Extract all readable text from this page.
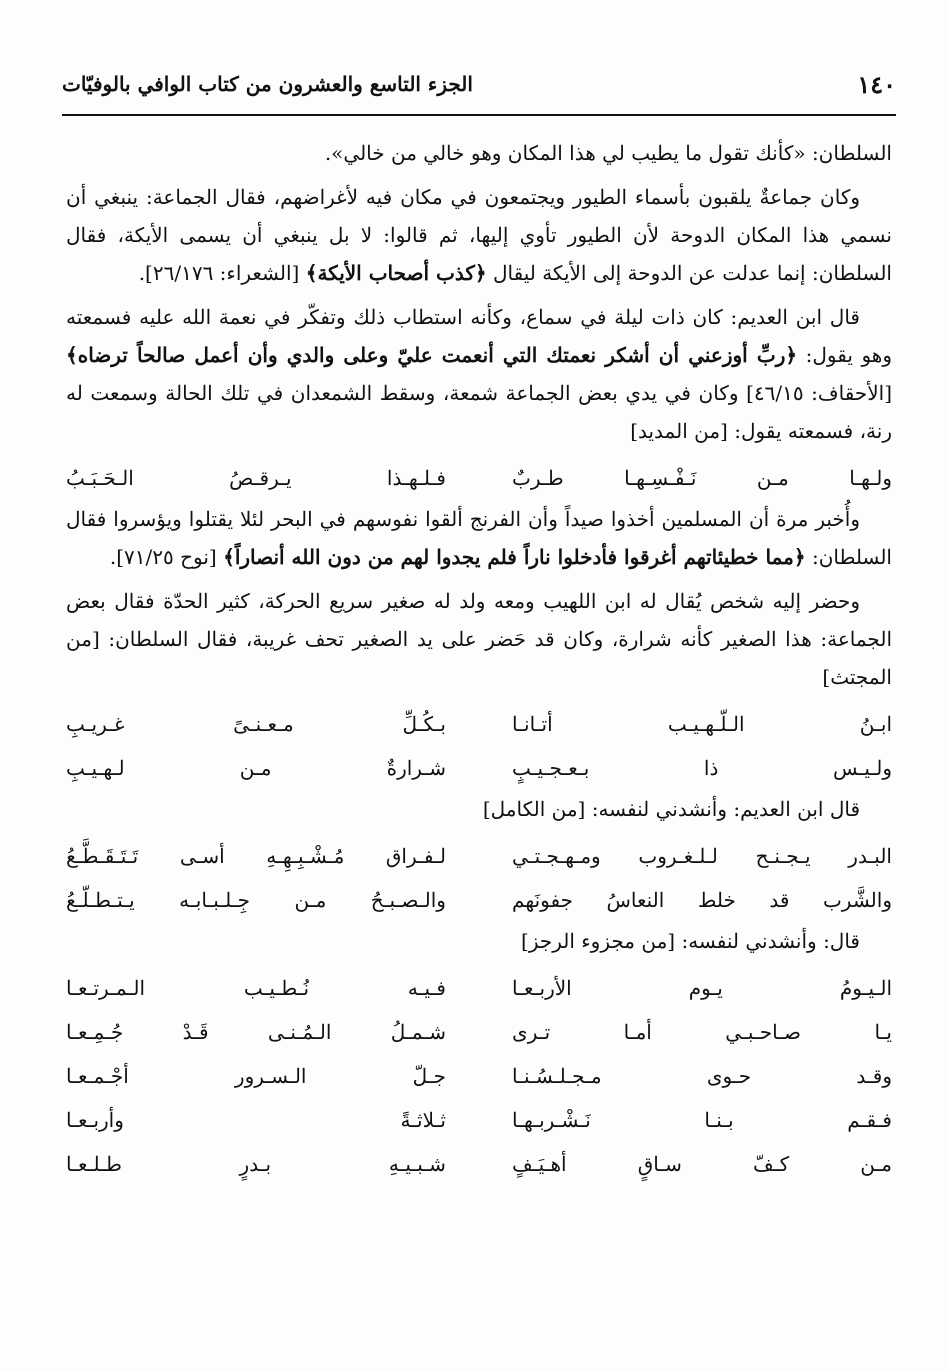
١٤٠
الجزء التاسع والعشرون من كتاب الوافي بالوفيّات

السلطان: «كأنك تقول ما يطيب لي هذا المكان وهو خالي من خالي».

وكان جماعةٌ يلقبون بأسماء الطيور ويجتمعون في مكان فيه لأغراضهم، فقال الجماعة: ينبغي أن نسمي هذا المكان الدوحة لأن الطيور تأوي إليها، ثم قالوا: لا بل ينبغي أن يسمى الأيكة، فقال السلطان: إنما عدلت عن الدوحة إلى الأيكة ليقال ﴿كذب أصحاب الأيكة﴾ [الشعراء: ٢٦/١٧٦].

قال ابن العديم: كان ذات ليلة في سماع، وكأنه استطاب ذلك وتفكّر في نعمة الله عليه فسمعته وهو يقول: ﴿ربِّ أوزعني أن أشكر نعمتك التي أنعمت عليّ وعلى والدي وأن أعمل صالحاً ترضاه﴾ [الأحقاف: ٤٦/١٥] وكان في يدي بعض الجماعة شمعة، وسقط الشمعدان في تلك الحالة وسمعت له رنة، فسمعته يقول: [من المديد]

ولـهـا مـن نَـفْـسِـهـا طـربٌ
فـلـهـذا يـرقـصُ الـحَـبَـبُ

وأُخبر مرة أن المسلمين أخذوا صيداً وأن الفرنج ألقوا نفوسهم في البحر لئلا يقتلوا ويؤسروا فقال السلطان: ﴿مما خطيئاتهم أغرقوا فأدخلوا ناراً فلم يجدوا لهم من دون الله أنصاراً﴾ [نوح ٧١/٢٥].

وحضر إليه شخص يُقال له ابن اللهيب ومعه ولد له صغير سريع الحركة، كثير الحدّة فقال بعض الجماعة: هذا الصغير كأنه شرارة، وكان قد حَضر على يد الصغير تحف غريبة، فقال السلطان: [من المجتث]

ابـنُ الـلّـهـيـب أتـانـا
بـكُـلِّ مـعـنـىً غـريـبِ
ولـيـس ذا بـعـجـيـبٍ
شـرارةٌ مـن لـهـيـبِ

قال ابن العديم: وأنشدني لنفسه: [من الكامل]

البـدر يـجـنـح لـلـغـروب ومـهـجـتـي
لـفـراق مُـشْـبِـهِـهِ أسـى تَـتَـقَـطَّـعُ
والشَّرب قد خلط النعاسُ جفونَهم
والـصـبـحُ مـن جِـلـبـابـه يـتـطـلّـعُ

قال: وأنشدني لنفسه: [من مجزوء الرجز]

الـيـومُ يـوم الأربـعـا
فـيـه نُـطـيـب الـمـرتـعـا
يـا صـاحـبـي أمـا تـرى
شـمـلُ الـمُـنـى قَـدْ جُـمِـعـا
وقـد حـوى مـجـلـسُـنـا
جـلّ الـسـرور أجْـمـعـا
فـقـم بـنـا نَـشْـربـهـا
ثـلاثـةً وأربـعـا
مـن كـفّ سـاقٍ أهـيَـفٍ
شـبـيـهِ بـدرٍ طـلـعـا
